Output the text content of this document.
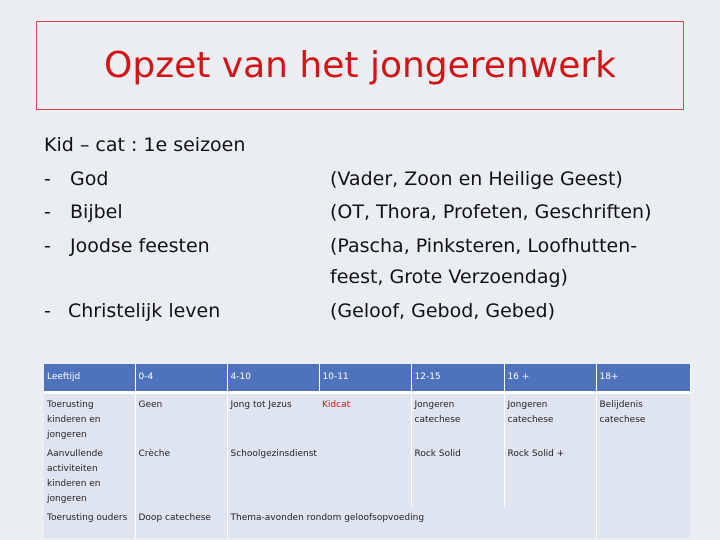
Opzet van het jongerenwerk
Kid – cat : 1e seizoen
- God
- Bijbel
- Joodse feesten
- Christelijk leven
(Vader, Zoon en Heilige Geest)
(OT, Thora, Profeten, Geschriften)
(Pascha, Pinksteren, Loofhutten-
feest, Grote Verzoendag)
(Geloof, Gebod, Gebed)
Leeftijd	0-4	4-10	10-11	12-15	16 +	18+
Toerusting kinderen en jongeren	Geen	Jong tot Jezus	Kidcat	Jongeren catechese	Jongeren catechese	Belijdenis catechese
Aanvullende activiteiten kinderen en jongeren	Crèche	Schoolgezinsdienst		Rock Solid	Rock Solid +	
Toerusting ouders	Doop catechese	Thema-avonden rondom geloofsopvoeding				
